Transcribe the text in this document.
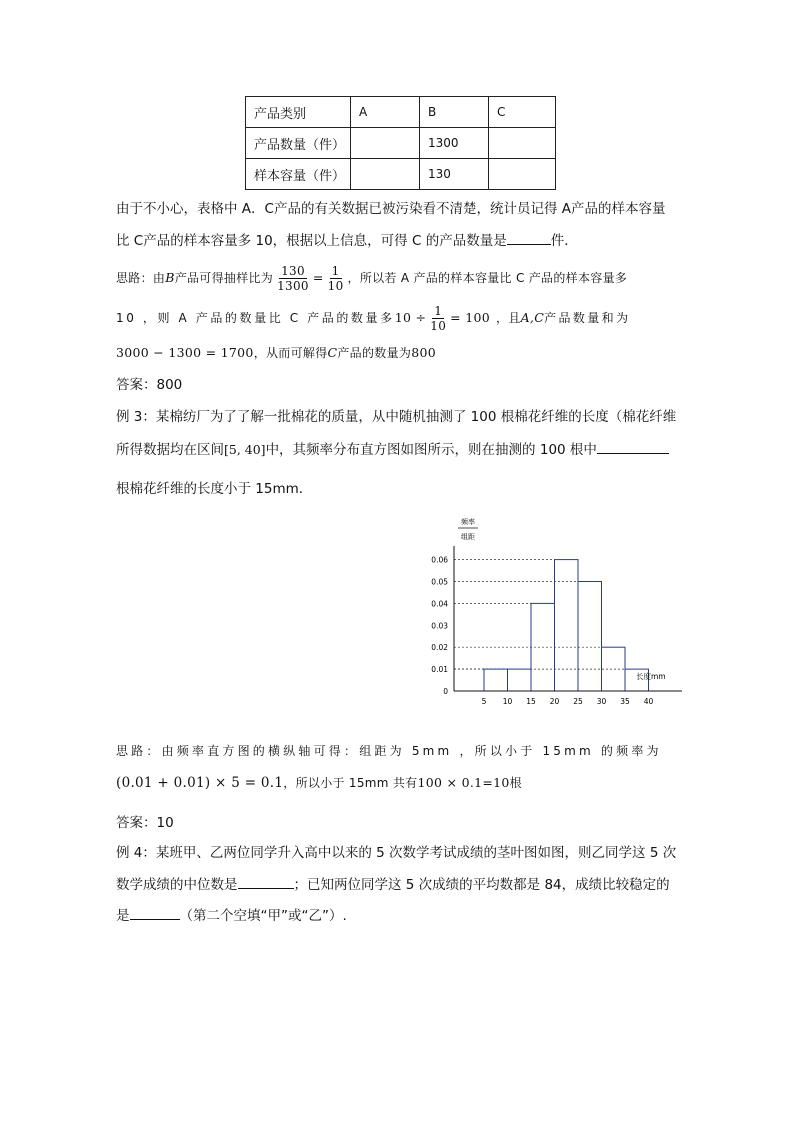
产品类别	A	B	C
产品数量（件）		1300	
样本容量（件）		130	
由于不小心，表格中 A．C产品的有关数据已被污染看不清楚，统计员记得 A产品的样本容量
比 C产品的样本容量多 10，根据以上信息，可得 C 的产品数量是	件．
思路：由 B 产品可得抽样比为 $\frac{130}{1300} = \frac{1}{10}$ ，所以若 A 产品的样本容量比 C 产品的样本容量多
10 ，则 A 产品的数量比 C 产品的数量多 $10 \div \frac{1}{10} = 100$ ，且 A,C 产品数量和为
3000 − 1300 = 1700，从而可解得C产品的数量为800
答案：800
例 3：某棉纺厂为了了解一批棉花的质量，从中随机抽测了 100 根棉花纤维的长度（棉花纤维
所得数据均在区间[5, 40]中，其频率分布直方图如图所示，则在抽测的 100 根中
根棉花纤维的长度小于 15mm．
频率
组距
0
0.01
0.02
0.03
0.04
0.05
0.06
5 10 15 20 25 30 35 40
长度mm
思路：由频率直方图的横纵轴可得：组距为 5mm ，所以小于 15mm 的频率为
(0.01 + 0.01) × 5 = 0.1，所以小于 15mm 共有100 × 0.1=10根
答案：10
例 4：某班甲、乙两位同学升入高中以来的 5 次数学考试成绩的茎叶图如图，则乙同学这 5 次
数学成绩的中位数是	；已知两位同学这 5 次成绩的平均数都是 84，成绩比较稳定的
是	（第二个空填“甲”或“乙”）.
